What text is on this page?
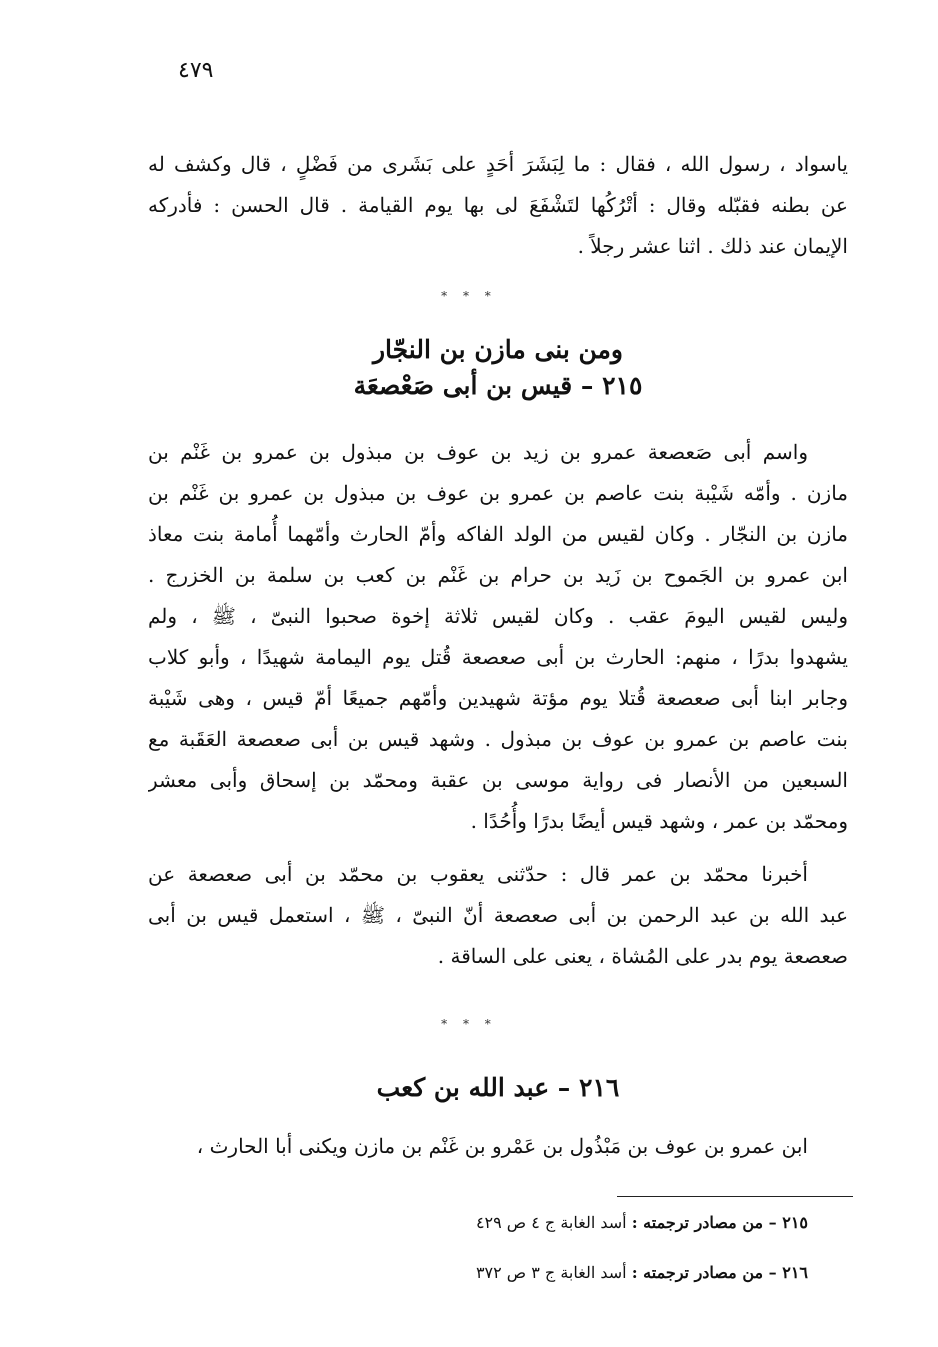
٤٧٩
ياسواد ، رسول الله ، فقال : ما لِبَشَرَ أحَدٍ على بَشَرى من فَضْلٍ ، قال وكشف له
عن بطنه فقبّله وقال : أتْرُكُها لتَشْفَعَ لى بها يوم القيامة . قال الحسن : فأدركه
الإيمان عند ذلك . اثنا عشر رجلاً .
* * *
ومن بنى مازن بن النجّار
٢١٥ – قيس بن أبى صَعْصعَة
واسم أبى صَعصعة عمرو بن زيد بن عوف بن مبذول بن عمرو بن غَنْم بن
مازن . وأمّه شَيْبة بنت عاصم بن عمرو بن عوف بن مبذول بن عمرو بن غَنْم بن
مازن بن النجّار . وكان لقيس من الولد الفاكه وأمّ الحارث وأمّهما أُمامة بنت معاذ
ابن عمرو بن الجَموح بن زَيد بن حرام بن غَنْم بن كعب بن سلمة بن الخزرج .
وليس لقيس اليومَ عقب . وكان لقيس ثلاثة إخوة صحبوا النبىّ ، ﷺ ، ولم
يشهدوا بدرًا ، منهم: الحارث بن أبى صعصعة قُتل يوم اليمامة شهيدًا ، وأبو كلاب
وجابر ابنا أبى صعصعة قُتلا يوم مؤتة شهيدين وأمّهم جميعًا أمّ قيس ، وهى شَيْبة
بنت عاصم بن عمرو بن عوف بن مبذول . وشهد قيس بن أبى صعصعة العَقَبة مع
السبعين من الأنصار فى رواية موسى بن عقبة ومحمّد بن إسحاق وأبى معشر
ومحمّد بن عمر ، وشهد قيس أيضًا بدرًا وأُحُدًا .
أخبرنا محمّد بن عمر قال : حدّثنى يعقوب بن محمّد بن أبى صعصعة عن
عبد الله بن عبد الرحمن بن أبى صعصعة أنّ النبىّ ، ﷺ ، استعمل قيس بن أبى
صعصعة يوم بدر على المُشاة ، يعنى على الساقة .
* * *
٢١٦ – عبد الله بن كعب
ابن عمرو بن عوف بن مَبْذُول بن عَمْرو بن غَنْم بن مازن ويكنى أبا الحارث ،
٢١٥ – من مصادر ترجمته : أسد الغابة ج ٤ ص ٤٢٩
٢١٦ – من مصادر ترجمته : أسد الغابة ج ٣ ص ٣٧٢
